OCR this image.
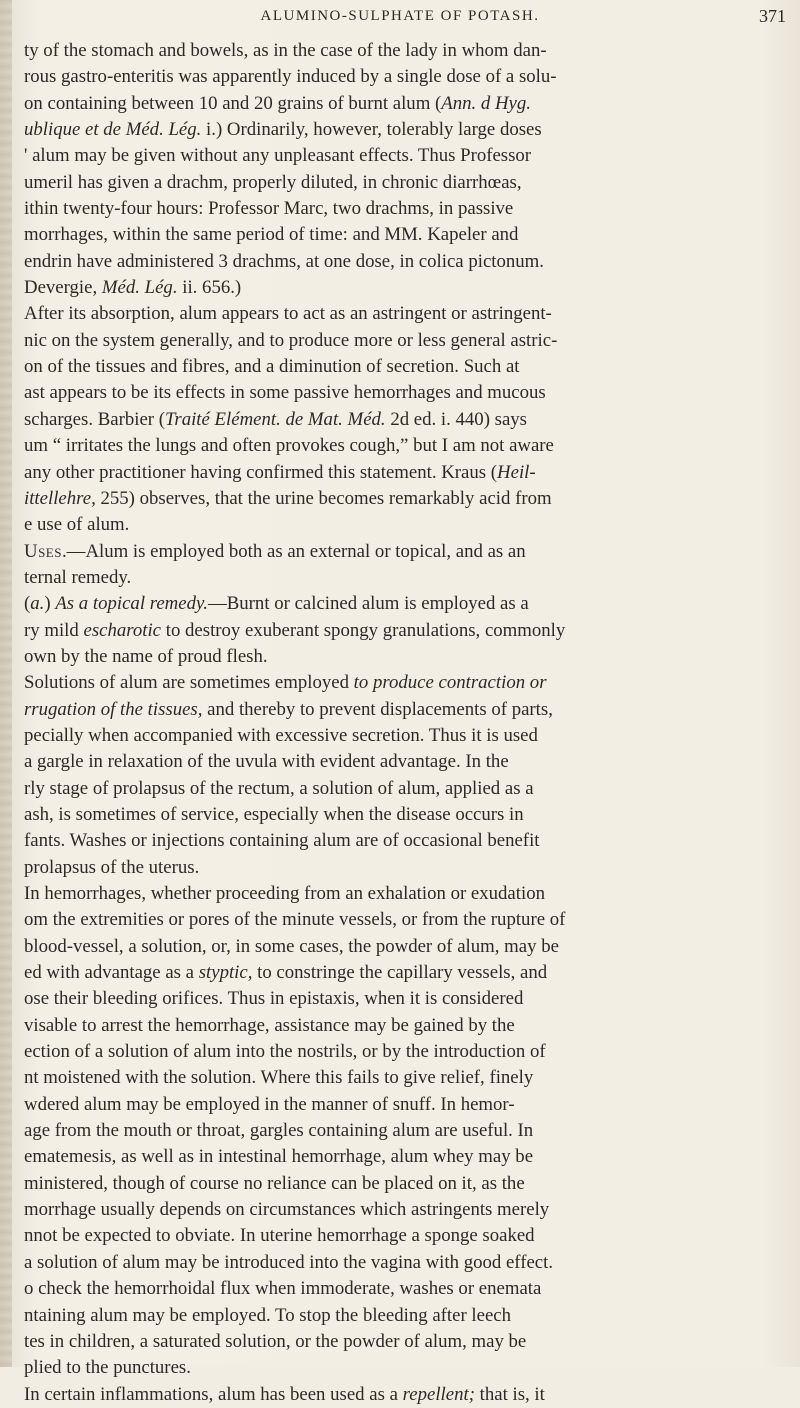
ALUMINO-SULPHATE OF POTASH.	371
ty of the stomach and bowels, as in the case of the lady in whom dan-
rous gastro-enteritis was apparently induced by a single dose of a solu-
on containing between 10 and 20 grains of burnt alum (Ann. d Hyg.
ublique et de Méd. Lég. i.) Ordinarily, however, tolerably large doses
' alum may be given without any unpleasant effects. Thus Professor
umeril has given a drachm, properly diluted, in chronic diarrhœas,
ithin twenty-four hours: Professor Marc, two drachms, in passive
morrhages, within the same period of time: and MM. Kapeler and
endrin have administered 3 drachms, at one dose, in colica pictonum.
Devergie, Méd. Lég. ii. 656.)
After its absorption, alum appears to act as an astringent or astringent-
nic on the system generally, and to produce more or less general astric-
on of the tissues and fibres, and a diminution of secretion. Such at
ast appears to be its effects in some passive hemorrhages and mucous
scharges. Barbier (Traité Elément. de Mat. Méd. 2d ed. i. 440) says
um “ irritates the lungs and often provokes cough,” but I am not aware
any other practitioner having confirmed this statement. Kraus (Heil-
ittellehre, 255) observes, that the urine becomes remarkably acid from
e use of alum.
Uses.—Alum is employed both as an external or topical, and as an
ternal remedy.
(a.) As a topical remedy.—Burnt or calcined alum is employed as a
ry mild escharotic to destroy exuberant spongy granulations, commonly
own by the name of proud flesh.
Solutions of alum are sometimes employed to produce contraction or
rrugation of the tissues, and thereby to prevent displacements of parts,
pecially when accompanied with excessive secretion. Thus it is used
a gargle in relaxation of the uvula with evident advantage. In the
rly stage of prolapsus of the rectum, a solution of alum, applied as a
ash, is sometimes of service, especially when the disease occurs in
fants. Washes or injections containing alum are of occasional benefit
prolapsus of the uterus.
In hemorrhages, whether proceeding from an exhalation or exudation
om the extremities or pores of the minute vessels, or from the rupture of
blood-vessel, a solution, or, in some cases, the powder of alum, may be
ed with advantage as a styptic, to constringe the capillary vessels, and
ose their bleeding orifices. Thus in epistaxis, when it is considered
visable to arrest the hemorrhage, assistance may be gained by the
ection of a solution of alum into the nostrils, or by the introduction of
nt moistened with the solution. Where this fails to give relief, finely
wdered alum may be employed in the manner of snuff. In hemor-
age from the mouth or throat, gargles containing alum are useful. In
ematemesis, as well as in intestinal hemorrhage, alum whey may be
ministered, though of course no reliance can be placed on it, as the
morrhage usually depends on circumstances which astringents merely
nnot be expected to obviate. In uterine hemorrhage a sponge soaked
a solution of alum may be introduced into the vagina with good effect.
o check the hemorrhoidal flux when immoderate, washes or enemata
ntaining alum may be employed. To stop the bleeding after leech
tes in children, a saturated solution, or the powder of alum, may be
plied to the punctures.
In certain inflammations, alum has been used as a repellent; that is, it
